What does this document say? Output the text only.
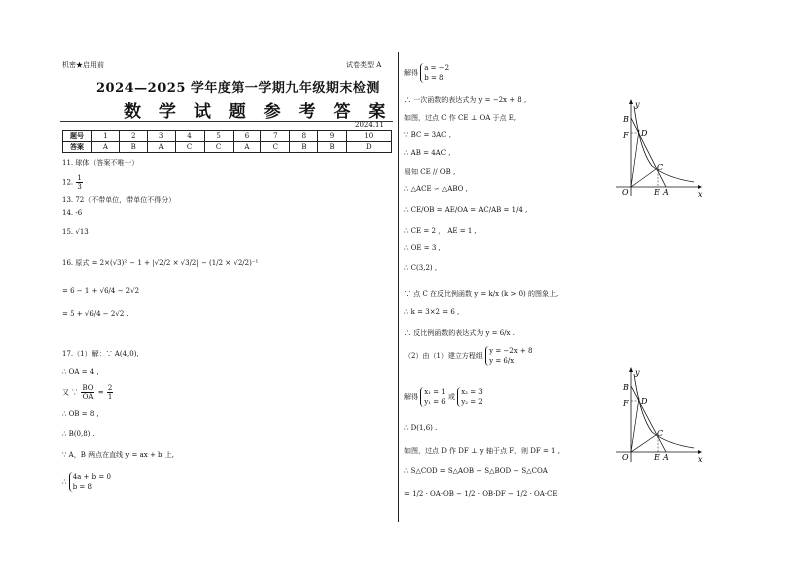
机密★启用前	试卷类型 A
2024—2025 学年度第一学期九年级期末检测
数 学 试 题 参 考 答 案
2024.11
题号	1	2	3	4	5	6	7	8	9	10
答案	A	B	A	C	C	A	C	B	B	D
11. 球体（答案不唯一）
12. $\frac{1}{3}$
13. 72（不带单位，带单位不得分）
14. -6
15. √13
16. 原式 = 2×(√3)² − 1 + |√2/2 × √3/2| − (1/2 × √2/2)⁻¹
= 6 − 1 + √6/4 − 2√2
= 5 + √6/4 − 2√2 .
17.（1）解：∵ A(4,0),
∴ OA = 4 ,
又 ∵ $\frac{BO}{OA} = \frac{2}{1}$
∴ OB = 8 ,
∴ B(0,8) .
∵ A，B 两点在直线 y = ax + b 上,
∴
4a + b = 0
b = 8
解得
a = −2
b = 8
∴ 一次函数的表达式为 y = −2x + 8 ,
如图，过点 C 作 CE ⊥ OA 于点 E,
∵ BC = 3AC ,
∴ AB = 4AC ,
易知 CE // OB ,
∴ △ACE ∽ △ABO ,
∴ CE/OB = AE/OA = AC/AB = 1/4 ,
∴ CE = 2 ， AE = 1 ,
∴ OE = 3 ,
∴ C(3,2) ,
∵ 点 C 在反比例函数 y = k/x (k > 0) 的图象上,
∴ k = 3×2 = 6 ,
∴ 反比例函数的表达式为 y = 6/x .
（2）由（1）建立方程组
y = −2x + 8
y = 6/x
解得
x₁ = 1
y₁ = 6
或
x₂ = 3
y₂ = 2
∴ D(1,6) .
如图，过点 D 作 DF ⊥ y 轴于点 F，则 DF = 1 ,
∴ S△COD = S△AOB − S△BOD − S△COA
= 1/2 · OA·OB − 1/2 · OB·DF − 1/2 · OA·CE
y
x
B
F D
C
O	E A
y
x
B
F D
C
O	E A
